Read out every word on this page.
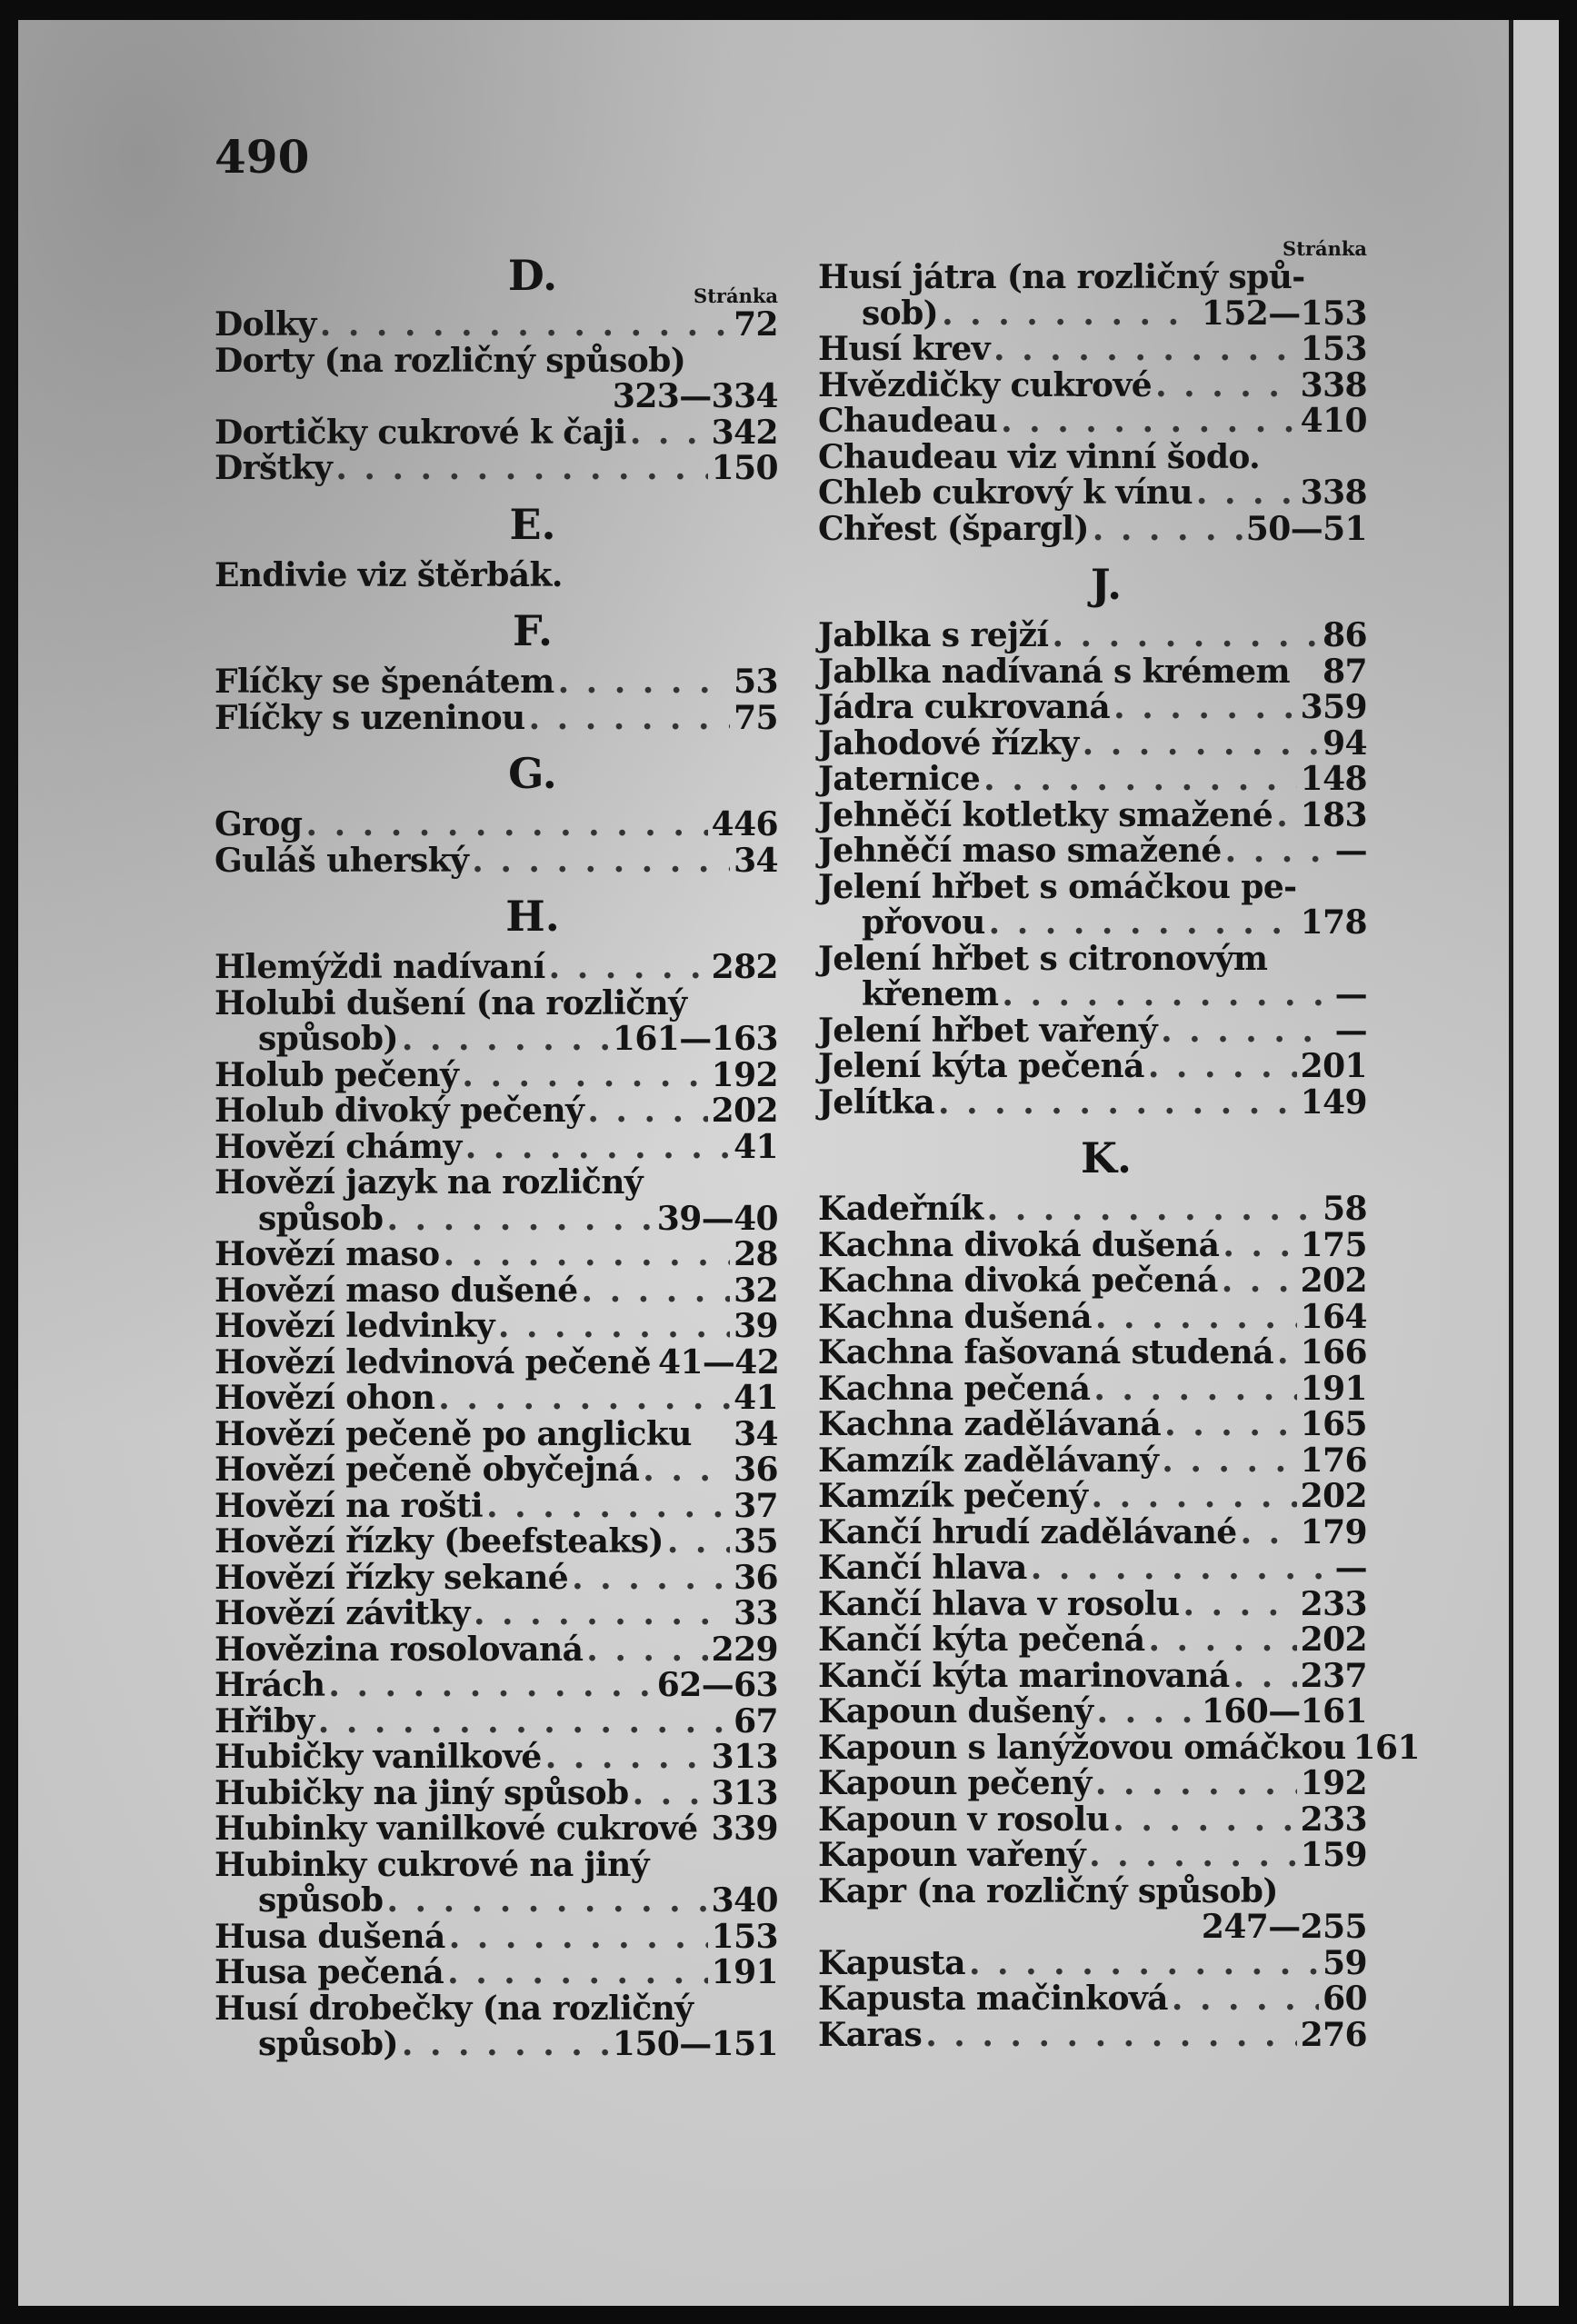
490
D.	Stránka
Dolky . . .	72
Dorty (na rozličný spůsob)
323—334
Dortičky cukrové k čaji . . .	342
Drštky . . .	150
E.
Endivie viz štěrbák.
F.
Flíčky se špenátem . . .	53
Flíčky s uzeninou . . .	75
G.
Grog . . .	446
Guláš uherský . . .	34
H.
Hlemýždi nadívaní . . .	282
Holubi dušení (na rozličný
spůsob) . . .	161—163
Holub pečený . . .	192
Holub divoký pečený . . .	202
Hovězí chámy . . .	41
Hovězí jazyk na rozličný
spůsob . . .	39—40
Hovězí maso . . .	28
Hovězí maso dušené . . .	32
Hovězí ledvinky . . .	39
Hovězí ledvinová pečeně 41—42
Hovězí ohon . . .	41
Hovězí pečeně po anglicku 34
Hovězí pečeně obyčejná . . .	36
Hovězí na rošti . . .	37
Hovězí řízky (beefsteaks) . . . 35
Hovězí řízky sekané . . .	36
Hovězí závitky . . .	33
Hovězina rosolovaná . . .	229
Hrách . . .	62—63
Hřiby . . .	67
Hubičky vanilkové . . .	313
Hubičky na jiný spůsob . . .	313
Hubinky vanilkové cukrové 339
Hubinky cukrové na jiný
spůsob . . .	340
Husa dušená . . .	153
Husa pečená . . .	191
Husí drobečky (na rozličný
spůsob) . . .	150—151
Stránka
Husí játra (na rozličný spů-
sob) . . .	152—153
Husí krev . . .	153
Hvězdičky cukrové . . .	338
Chaudeau . . .	410
Chaudeau viz vinní šodo.
Chleb cukrový k vínu . . .	338
Chřest (špargl) . . .	50—51
J.
Jablka s rejží . . .	86
Jablka nadívaná s krémem 87
Jádra cukrovaná . . .	359
Jahodové řízky . . .	94
Jaternice . . .	148
Jehněčí kotletky smažené . . . 183
Jehněčí maso smažené . . .	—
Jelení hřbet s omáčkou pe-
přovou . . .	178
Jelení hřbet s citronovým
křenem . . .	—
Jelení hřbet vařený . . .	—
Jelení kýta pečená . . .	201
Jelítka . . .	149
K.
Kadeřník . . .	58
Kachna divoká dušená . . . 175
Kachna divoká pečená . . .	202
Kachna dušená . . .	164
Kachna fašovaná studená . . . 166
Kachna pečená . . .	191
Kachna zadělávaná . . .	165
Kamzík zadělávaný . . .	176
Kamzík pečený . . .	202
Kančí hrudí zadělávané . . . 179
Kančí hlava . . .	—
Kančí hlava v rosolu . . .	233
Kančí kýta pečená . . .	202
Kančí kýta marinovaná . . . 237
Kapoun dušený . . .	160—161
Kapoun s lanýžovou omáčkou 161
Kapoun pečený . . .	192
Kapoun v rosolu . . .	233
Kapoun vařený . . .	159
Kapr (na rozličný spůsob)
247—255
Kapusta . . .	59
Kapusta mačinková . . .	60
Karas . . .	276
